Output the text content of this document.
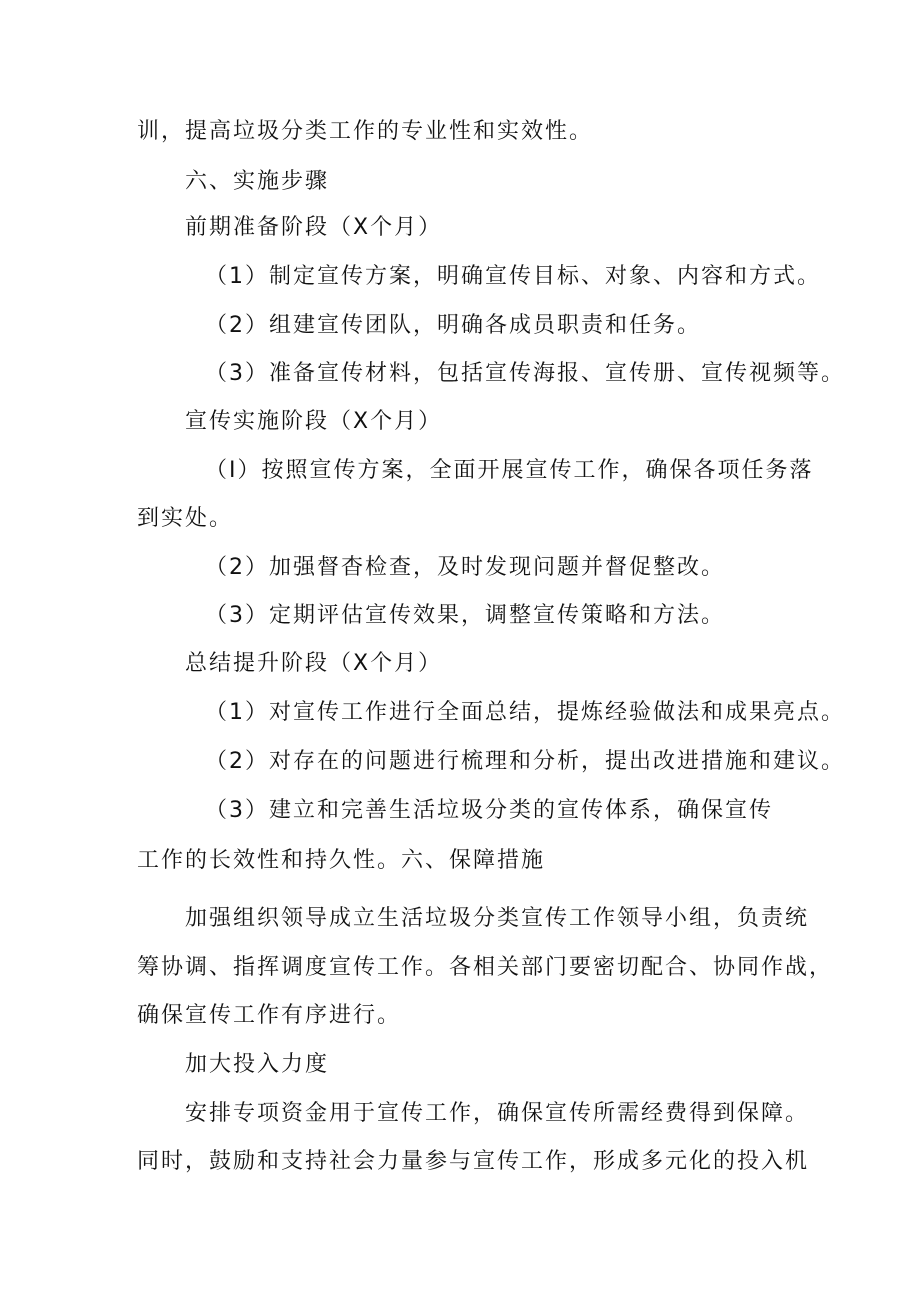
训，提高垃圾分类工作的专业性和实效性。
六、实施步骤
前期准备阶段（X个月）
（1）制定宣传方案，明确宣传目标、对象、内容和方式。
（2）组建宣传团队，明确各成员职责和任务。
（3）准备宣传材料，包括宣传海报、宣传册、宣传视频等。
宣传实施阶段（X个月）
（I）按照宣传方案，全面开展宣传工作，确保各项任务落
到实处。
（2）加强督杳检查，及时发现问题并督促整改。
（3）定期评估宣传效果，调整宣传策略和方法。
总结提升阶段（X个月）
（1）对宣传工作进行全面总结，提炼经验做法和成果亮点。
（2）对存在的问题进行梳理和分析，提出改进措施和建议。
（3）建立和完善生活垃圾分类的宣传体系，确保宣传
工作的长效性和持久性。六、保障措施
加强组织领导成立生活垃圾分类宣传工作领导小组，负责统
筹协调、指挥调度宣传工作。各相关部门要密切配合、协同作战，
确保宣传工作有序进行。
加大投入力度
安排专项资金用于宣传工作，确保宣传所需经费得到保障。
同时，鼓励和支持社会力量参与宣传工作，形成多元化的投入机
